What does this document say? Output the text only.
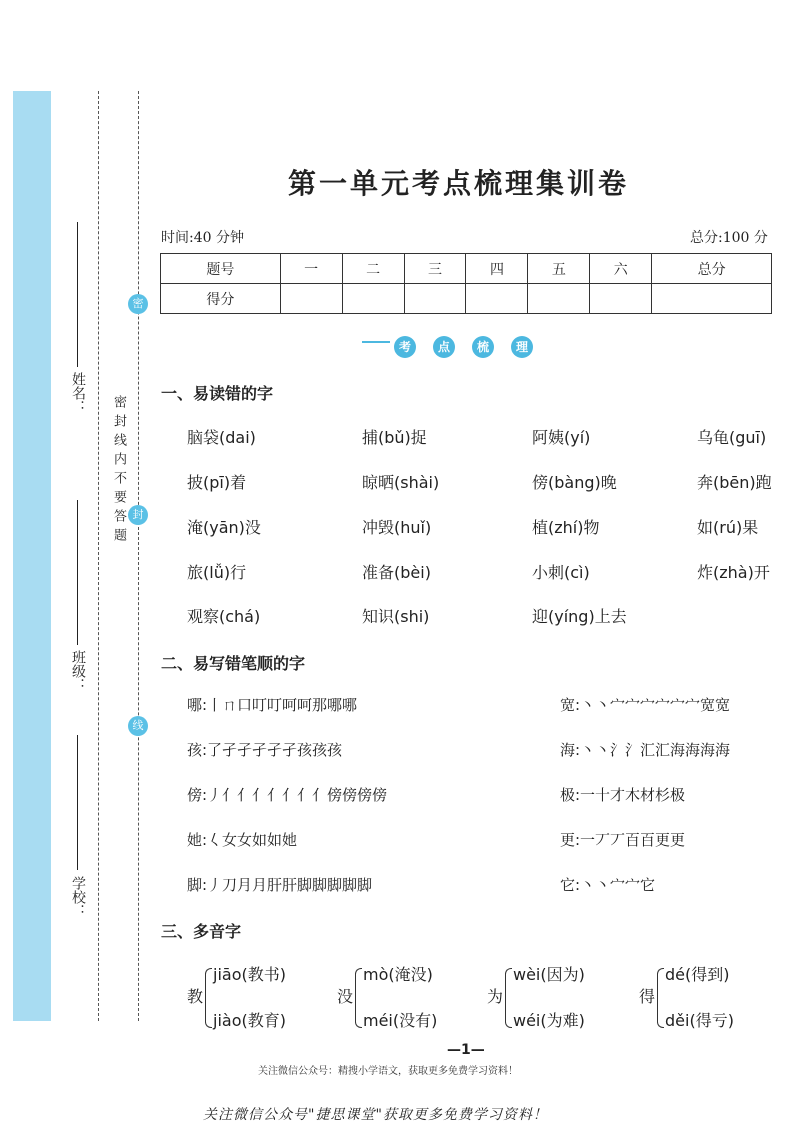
密
封
线
密封线内不要答题
姓名：
班级：
学校：
第一单元考点梳理集训卷
时间:40 分钟	总分:100 分
题号	一	二	三	四	五	六	总分
得分							
考	点	梳	理
一、易读错的字
脑袋(dai)	捕(bǔ)捉	阿姨(yí)	乌龟(guī)
披(pī)着	晾晒(shài)	傍(bàng)晚	奔(bēn)跑
淹(yān)没	冲毁(huǐ)	植(zhí)物	如(rú)果
旅(lǚ)行	准备(bèi)	小刺(cì)	炸(zhà)开
观察(chá)	知识(shi)	迎(yíng)上去
二、易写错笔顺的字
哪:丨ㄇ口叮叮呵呵那哪哪	宽:丶丶宀宀宀宀宀宀宽宽
孩:了孑孑孑孑孑孩孩孩	海:丶丶氵氵汇汇海海海海
傍:丿亻亻亻亻亻亻亻傍傍傍傍	极:一十才木材杉极
她:𡿨女女如如她	更:一丆丆百百更更
脚:丿刀月月肝肝脚脚脚脚脚	它:丶丶宀宀它
三、多音字
教
jiāo(教书)
jiào(教育)
没
mò(淹没)
méi(没有)
为
wèi(因为)
wéi(为难)
得
dé(得到)
děi(得亏)
—1—
关注微信公众号：精搜小学语文，获取更多免费学习资料！
关注微信公众号"捷思课堂"获取更多免费学习资料！
